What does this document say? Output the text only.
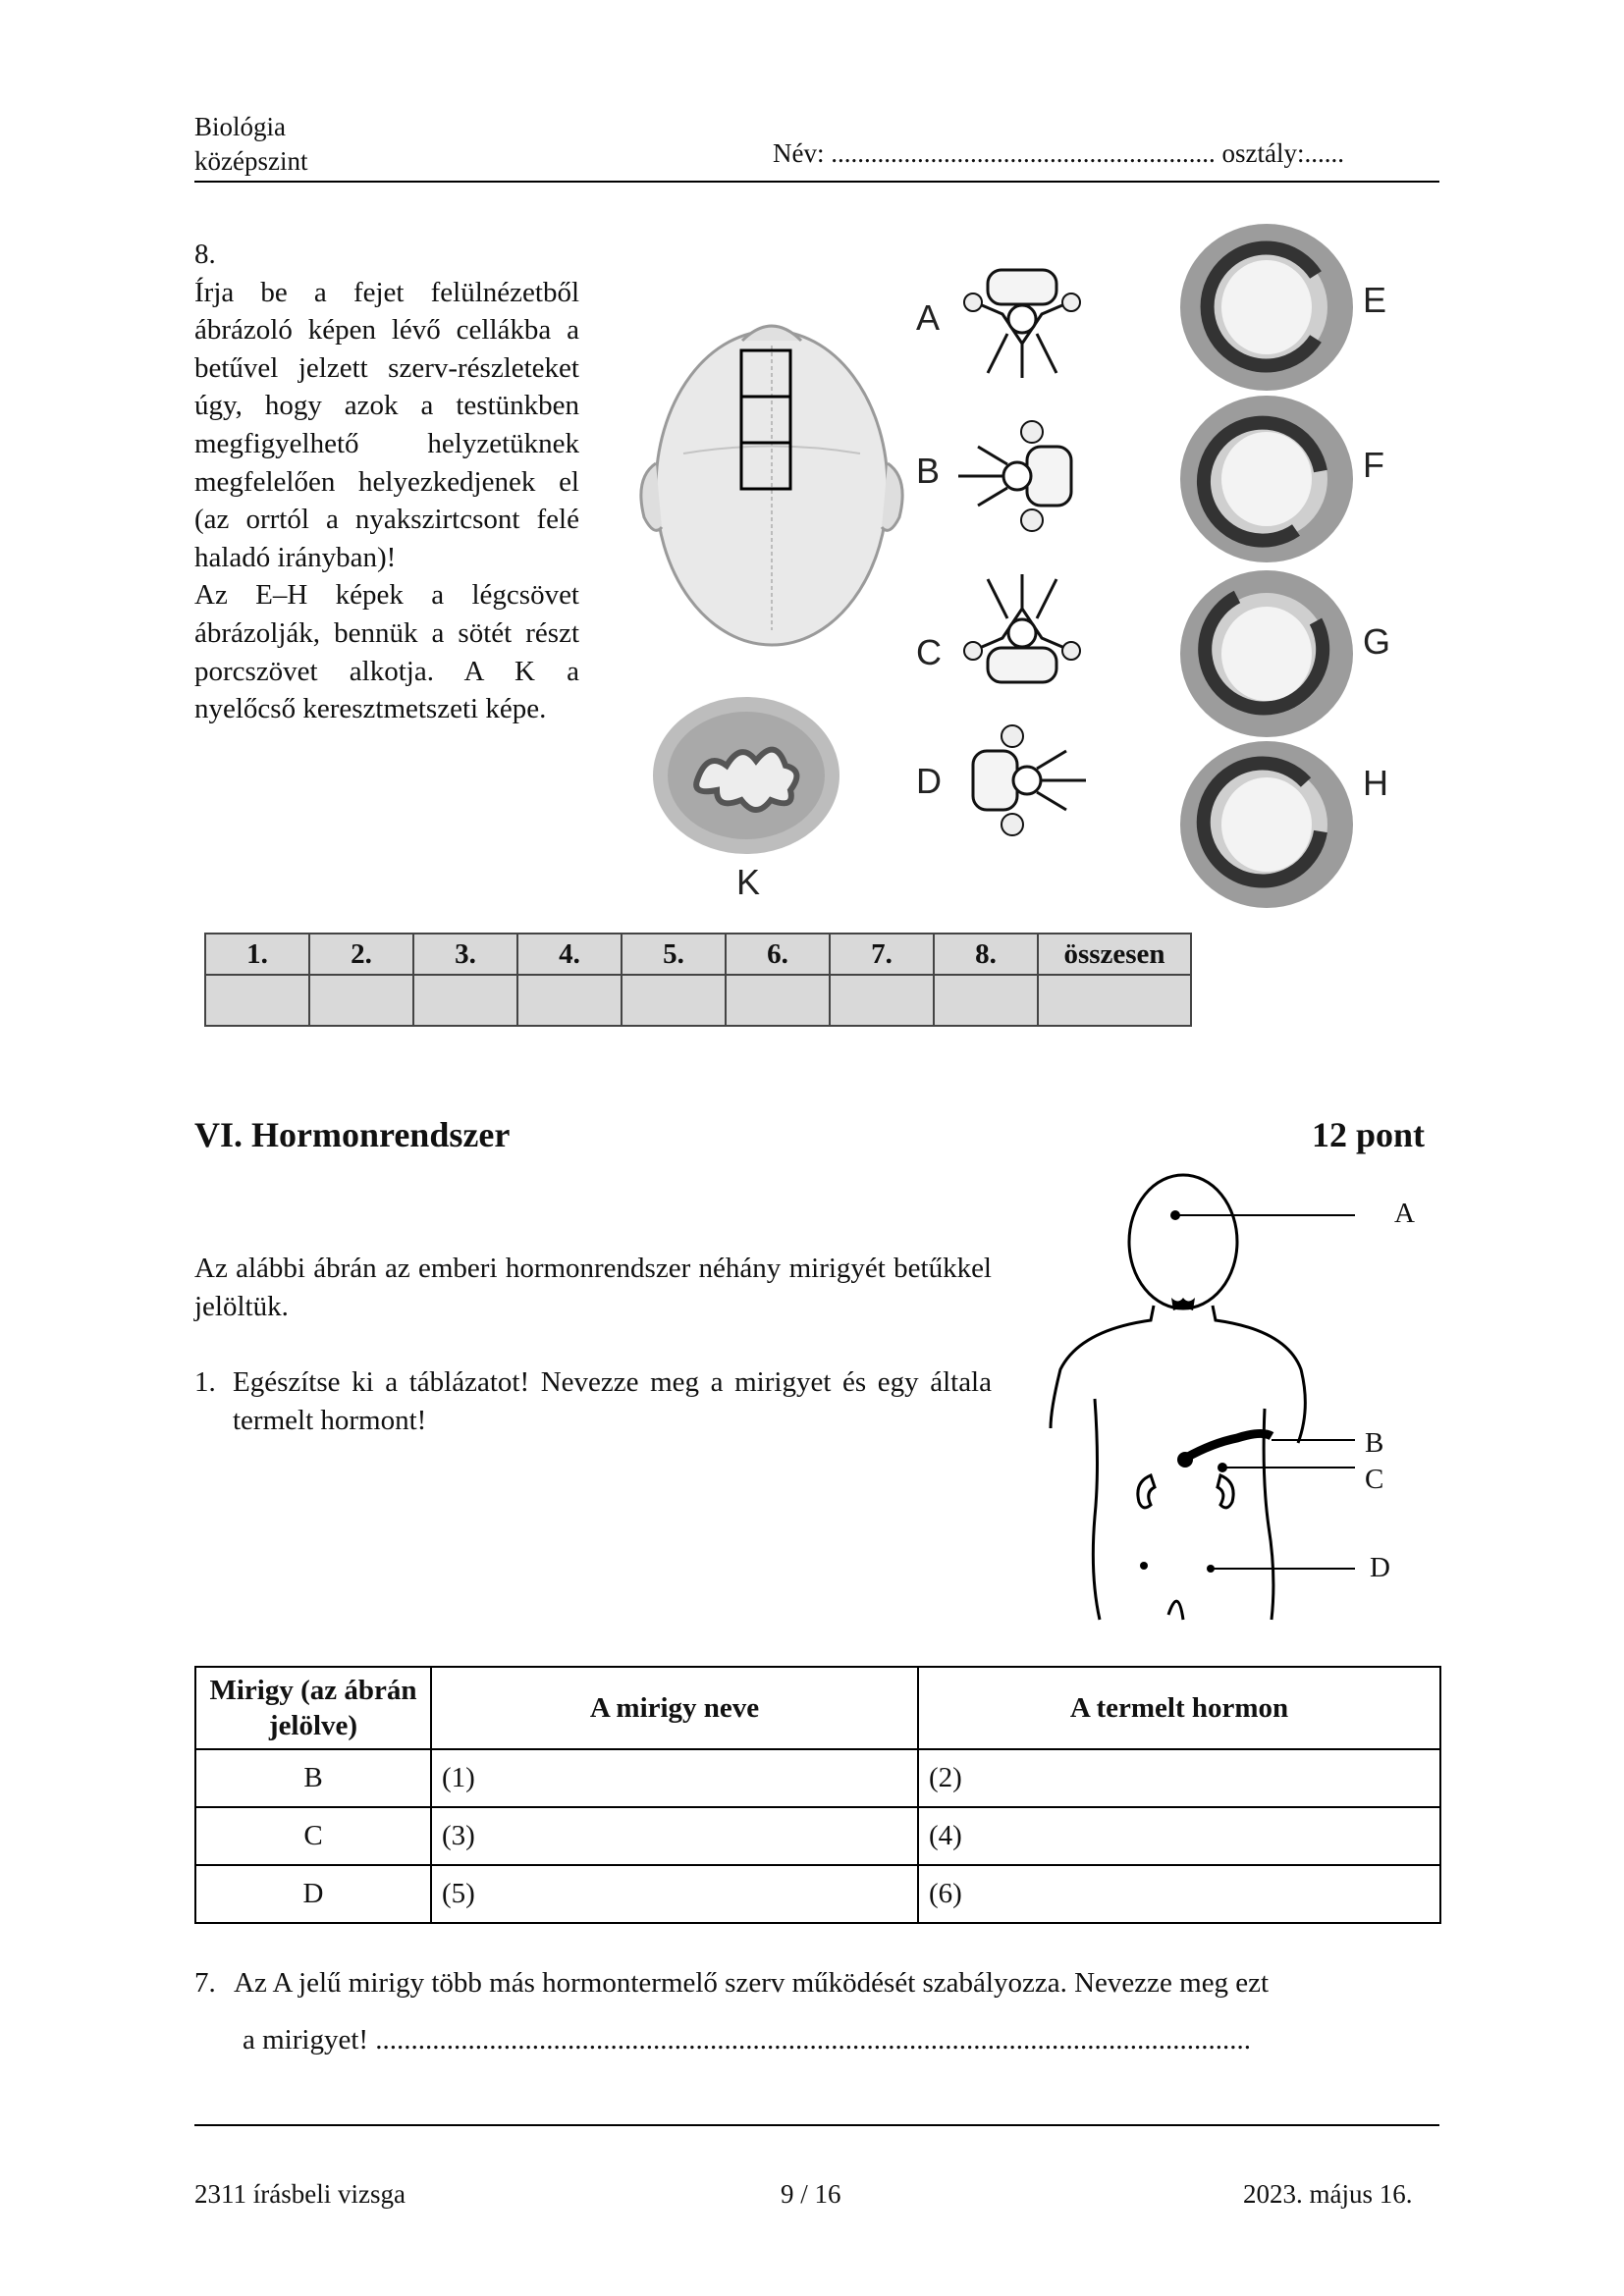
Biológia
középszint	Név: .......................................................... osztály:......

8.

Írja be a fejet felülnézetből ábrázoló képen lévő cellákba a betűvel jelzett szerv-részleteket úgy, hogy azok a testünkben megfigyelhető helyzetüknek megfelelően helyezkedjenek el (az orrtól a nyakszirtcsont felé haladó irányban)!

Az E–H képek a légcsövet ábrázolják, bennük a sötét részt porcszövet alkotja. A K a nyelőcső keresztmetszeti képe.

K
A
B
C
D
E
F
G
H
1.	2.	3.	4.	5.	6.	7.	8.	összesen

VI. Hormonrendszer	12 pont
Az alábbi ábrán az emberi hormonrendszer néhány mirigyét betűkkel jelöltük.
1. Egészítse ki a táblázatot! Nevezze meg a mirigyet és egy általa termelt hormont!
A
B
C
D
Mirigy (az ábrán jelölve)	A mirigy neve	A termelt hormon
B	(1)	(2)
C	(3)	(4)
D	(5)	(6)
7. Az A jelű mirigy több más hormontermelő szerv működését szabályozza. Nevezze meg ezt
a mirigyet! ...........................................................................................................................
2311 írásbeli vizsga	9 / 16	2023. május 16.
